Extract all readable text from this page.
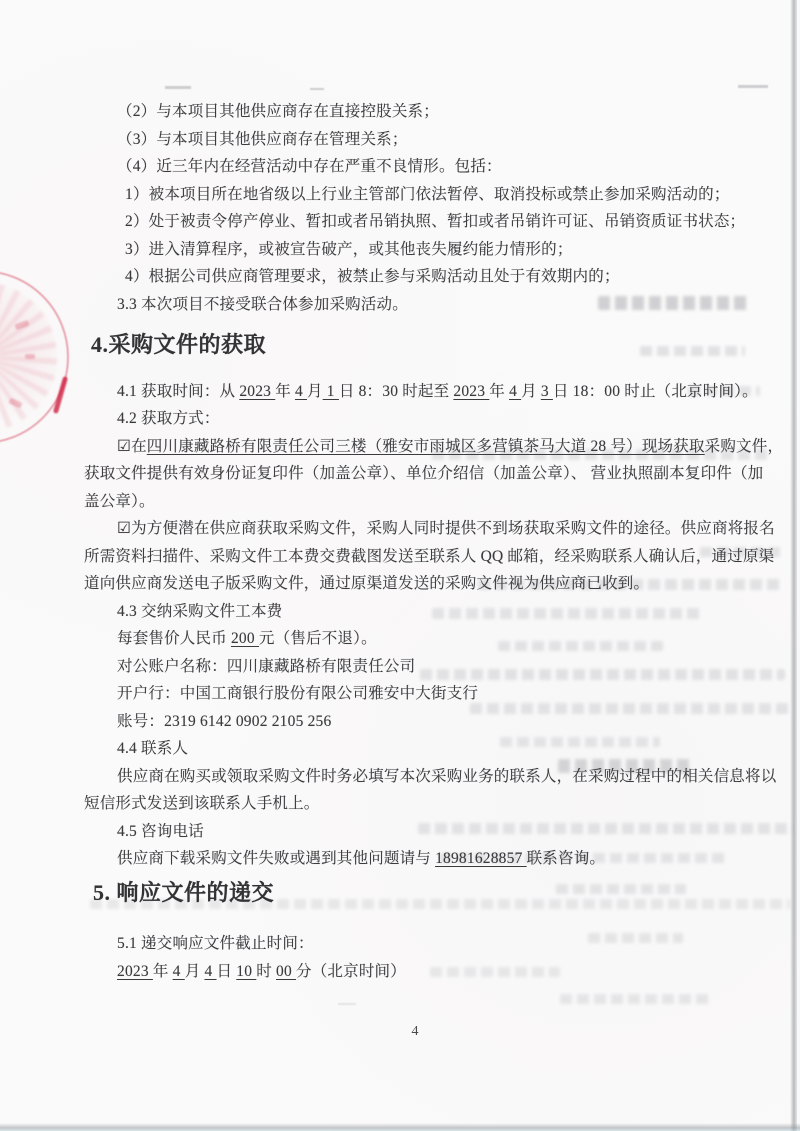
（2）与本项目其他供应商存在直接控股关系；

（3）与本项目其他供应商存在管理关系；

（4）近三年内在经营活动中存在严重不良情形。包括：

1）被本项目所在地省级以上行业主管部门依法暂停、取消投标或禁止参加采购活动的；

2）处于被责令停产停业、暂扣或者吊销执照、暂扣或者吊销许可证、吊销资质证书状态；

3）进入清算程序，或被宣告破产，或其他丧失履约能力情形的；

4）根据公司供应商管理要求，被禁止参与采购活动且处于有效期内的；

3.3 本次项目不接受联合体参加采购活动。

4.采购文件的获取

4.1 获取时间：从 2023 年 4 月 1 日 8：30 时起至 2023 年 4 月 3 日 18：00 时止（北京时间）。

4.2 获取方式：

☑在四川康藏路桥有限责任公司三楼（雅安市雨城区多营镇茶马大道 28 号）现场获取采购文件，

获取文件提供有效身份证复印件（加盖公章）、单位介绍信（加盖公章）、 营业执照副本复印件（加

盖公章）。

☑为方便潜在供应商获取采购文件，采购人同时提供不到场获取采购文件的途径。供应商将报名

所需资料扫描件、采购文件工本费交费截图发送至联系人 QQ 邮箱，经采购联系人确认后，通过原渠

道向供应商发送电子版采购文件，通过原渠道发送的采购文件视为供应商已收到。

4.3 交纳采购文件工本费

每套售价人民币 200 元（售后不退）。

对公账户名称：四川康藏路桥有限责任公司

开户行：中国工商银行股份有限公司雅安中大街支行

账号：2319 6142 0902 2105 256

4.4 联系人

供应商在购买或领取采购文件时务必填写本次采购业务的联系人，在采购过程中的相关信息将以

短信形式发送到该联系人手机上。

4.5 咨询电话

供应商下载采购文件失败或遇到其他问题请与 18981628857 联系咨询。

5. 响应文件的递交

5.1 递交响应文件截止时间：

2023 年 4 月 4 日 10 时 00 分（北京时间）

4
